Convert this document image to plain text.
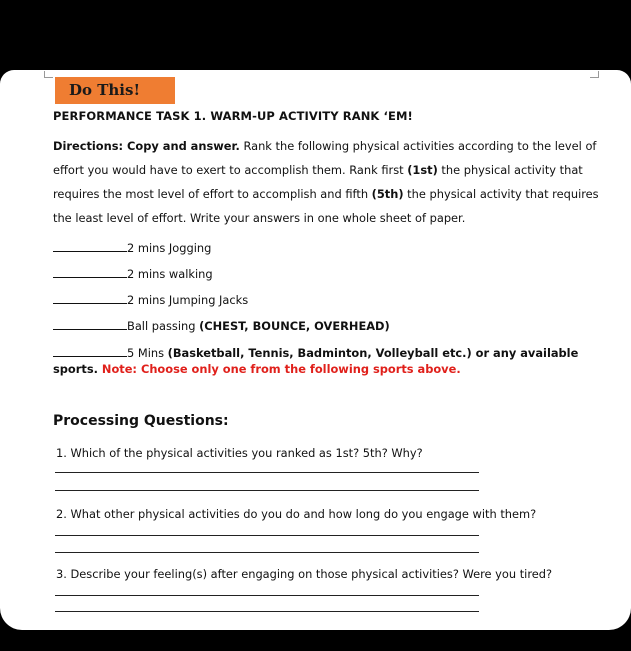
Do This!
PERFORMANCE TASK 1. WARM-UP ACTIVITY RANK ‘EM!
Directions: Copy and answer. Rank the following physical activities according to the level of effort you would have to exert to accomplish them. Rank first (1st) the physical activity that requires the most level of effort to accomplish and fifth (5th) the physical activity that requires the least level of effort. Write your answers in one whole sheet of paper.
2 mins Jogging
2 mins walking
2 mins Jumping Jacks
Ball passing (CHEST, BOUNCE, OVERHEAD)
5 Mins (Basketball, Tennis, Badminton, Volleyball etc.) or any available
sports. Note: Choose only one from the following sports above.
Processing Questions:
1. Which of the physical activities you ranked as 1st? 5th? Why?
2. What other physical activities do you do and how long do you engage with them?
3. Describe your feeling(s) after engaging on those physical activities? Were you tired?
